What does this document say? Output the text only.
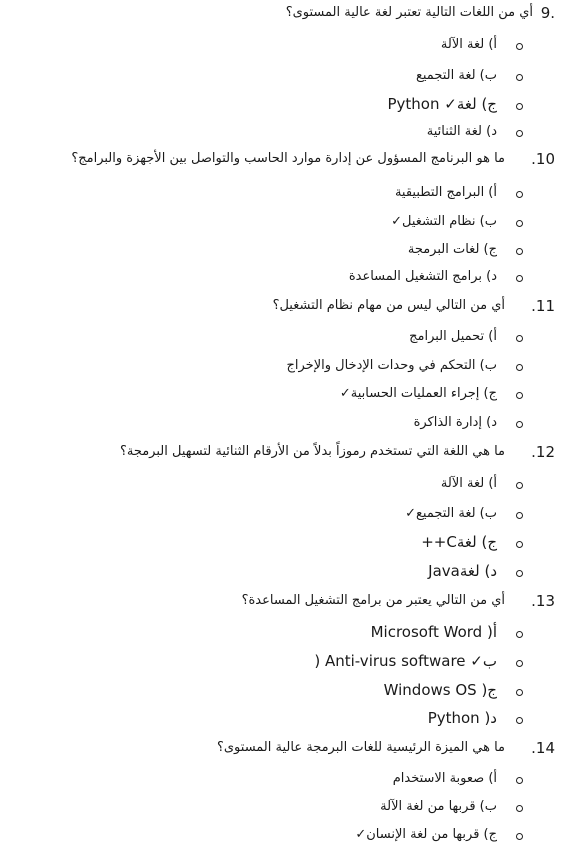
9.
أي من اللغات التالية تعتبر لغة عالية المستوى؟
أ) لغة الآلة
ب) لغة التجميع
ج) لغة✓ Python
د) لغة الثنائية
.10
ما هو البرنامج المسؤول عن إدارة موارد الحاسب والتواصل بين الأجهزة والبرامج؟
أ) البرامج التطبيقية
ب) نظام التشغيل✓
ج) لغات البرمجة
د) برامج التشغيل المساعدة
.11
أي من التالي ليس من مهام نظام التشغيل؟
أ) تحميل البرامج
ب) التحكم في وحدات الإدخال والإخراج
ج) إجراء العمليات الحسابية✓
د) إدارة الذاكرة
.12
ما هي اللغة التي تستخدم رموزاً بدلاً من الأرقام الثنائية لتسهيل البرمجة؟
أ) لغة الآلة
ب) لغة التجميع✓
ج) لغةC++
د) لغةJava
.13
أي من التالي يعتبر من برامج التشغيل المساعدة؟
أ( Microsoft Word
ب✓ Anti-virus software (
ج( Windows OS
د( Python
.14
ما هي الميزة الرئيسية للغات البرمجة عالية المستوى؟
أ) صعوبة الاستخدام
ب) قربها من لغة الآلة
ج) قربها من لغة الإنسان✓
